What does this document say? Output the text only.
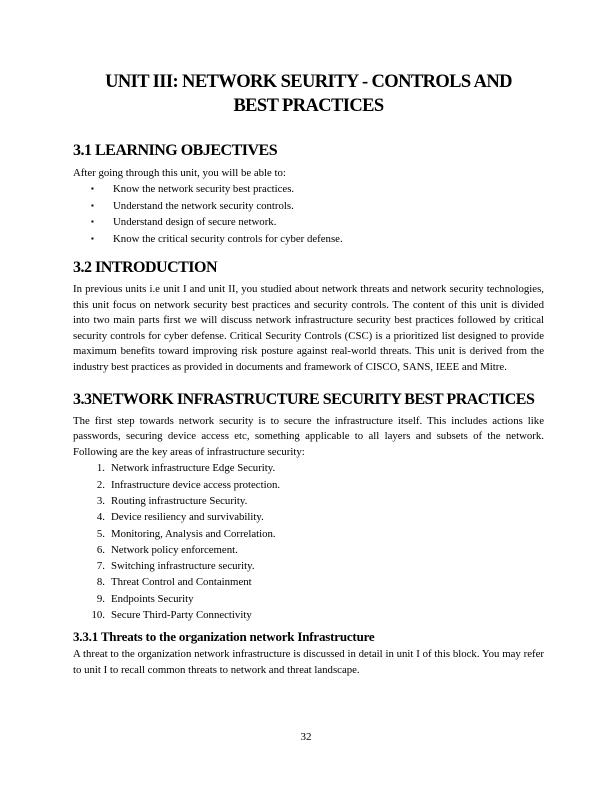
UNIT III: NETWORK SEURITY - CONTROLS AND
BEST PRACTICES
3.1 LEARNING OBJECTIVES
After going through this unit, you will be able to:
▪ Know the network security best practices.
▪ Understand the network security controls.
▪ Understand design of secure network.
▪ Know the critical security controls for cyber defense.
3.2 INTRODUCTION

In previous units i.e unit I and unit II, you studied about network threats and network security technologies, this unit focus on network security best practices and security controls. The content of this unit is divided into two main parts first we will discuss network infrastructure security best practices followed by critical security controls for cyber defense. Critical Security Controls (CSC) is a prioritized list designed to provide maximum benefits toward improving risk posture against real-world threats. This unit is derived from the industry best practices as provided in documents and framework of CISCO, SANS, IEEE and Mitre.

3.3NETWORK INFRASTRUCTURE SECURITY BEST PRACTICES

The first step towards network security is to secure the infrastructure itself. This includes actions like passwords, securing device access etc, something applicable to all layers and subsets of the network. Following are the key areas of infrastructure security:

1. Network infrastructure Edge Security.
2. Infrastructure device access protection.
3. Routing infrastructure Security.
4. Device resiliency and survivability.
5. Monitoring, Analysis and Correlation.
6. Network policy enforcement.
7. Switching infrastructure security.
8. Threat Control and Containment
9. Endpoints Security
10. Secure Third-Party Connectivity
3.3.1 Threats to the organization network Infrastructure

A threat to the organization network infrastructure is discussed in detail in unit I of this block. You may refer to unit I to recall common threats to network and threat landscape.

32
